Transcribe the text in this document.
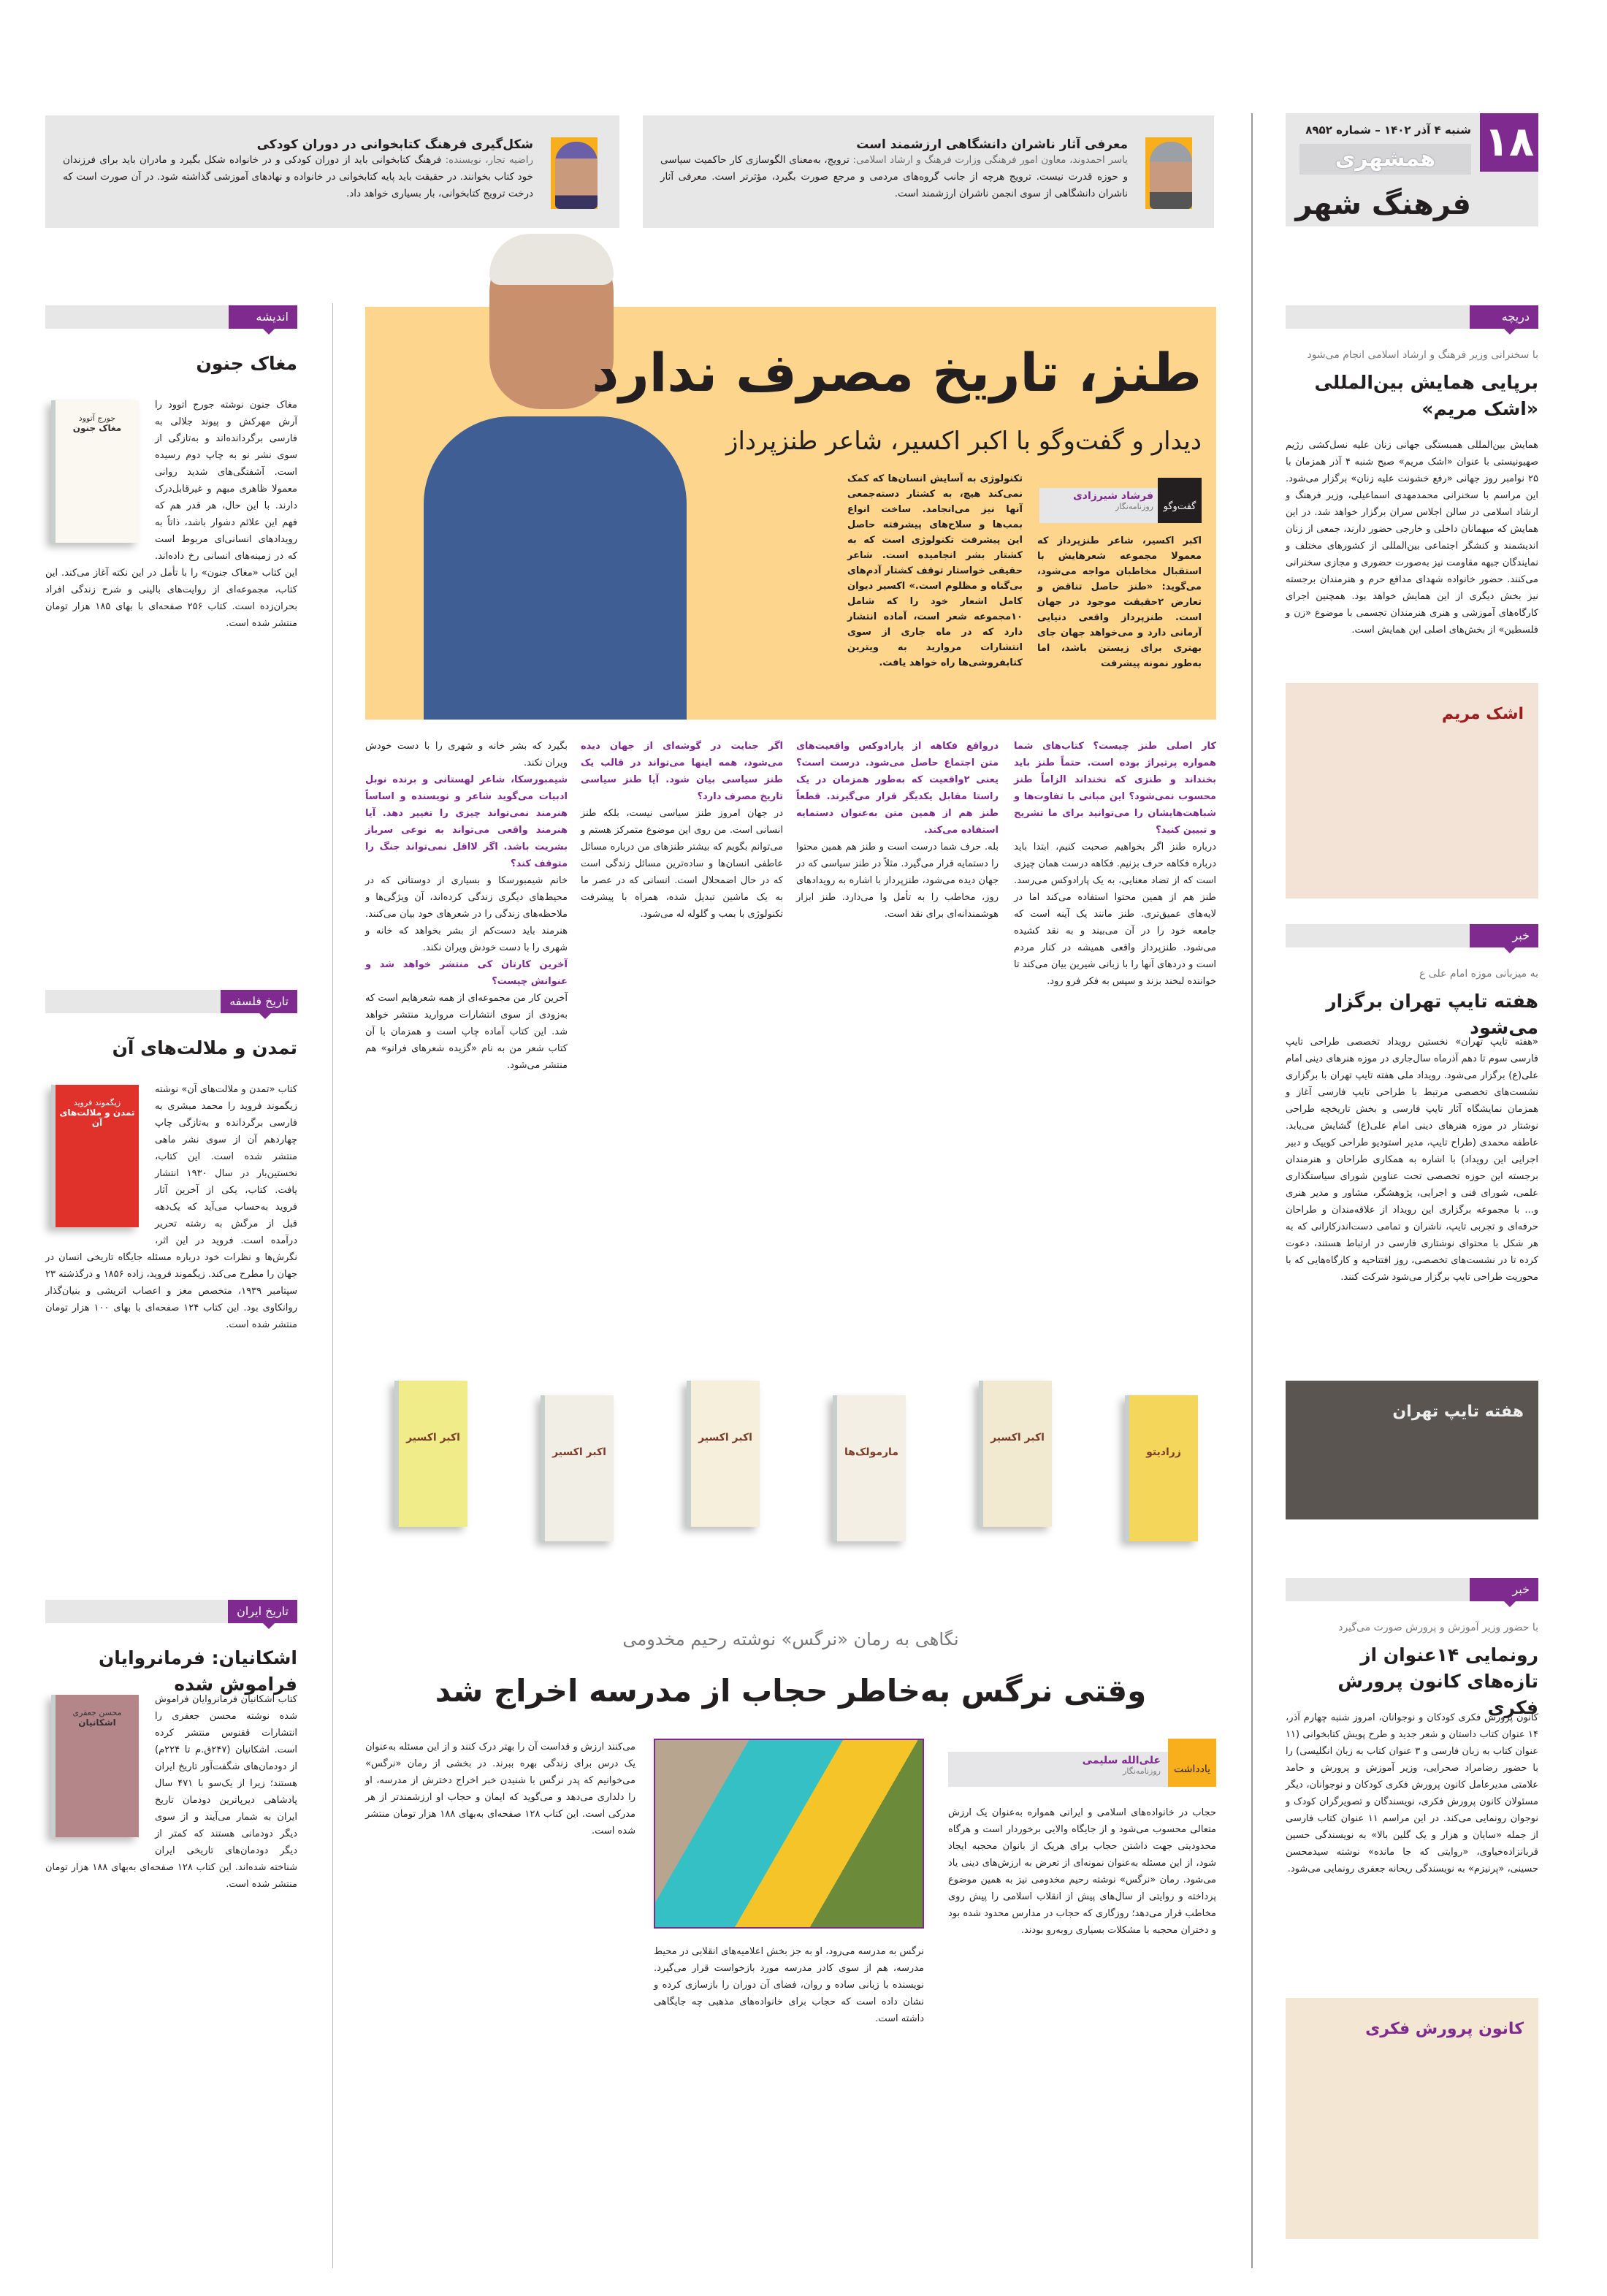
۱۸
شنبه ۴ آذر ۱۴۰۲ – شماره ۸۹۵۲
همشهری
فرهنگ شهر
معرفی آثار ناشران دانشگاهی ارزشمند است
یاسر احمدوند، معاون امور فرهنگی وزارت فرهنگ و ارشاد اسلامی: ترویج، به‌معنای الگوسازی کار حاکمیت سیاسی و حوزه قدرت نیست. ترویج هرچه از جانب گروه‌های مردمی و مرجع صورت بگیرد، مؤثرتر است. معرفی آثار ناشران دانشگاهی از سوی انجمن ناشران ارزشمند است.
شکل‌گیری فرهنگ کتابخوانی در دوران کودکی
راضیه تجار، نویسنده: فرهنگ کتابخوانی باید از دوران کودکی و در خانواده شکل بگیرد و مادران باید برای فرزندان خود کتاب بخوانند. در حقیقت باید پایه کتابخوانی در خانواده و نهادهای آموزشی گذاشته شود. در آن صورت است که درخت ترویج کتابخوانی، بار بسیاری خواهد داد.
طنز، تاریخ مصرف ندارد
دیدار و گفت‌وگو با اکبر اکسیر، شاعر طنزپرداز
گفت‌وگو
فرشاد شیرزادی
روزنامه‌نگار
اکبر اکسیر، شاعر طنزپرداز که معمولا مجموعه شعرهایش با استقبال مخاطبان مواجه می‌شود، می‌گوید: «طنز حاصل تناقض و تعارض ۲حقیقت موجود در جهان است. طنزپرداز واقعی دنیایی آرمانی دارد و می‌خواهد جهان جای بهتری برای زیستن باشد، اما به‌طور نمونه پیشرفت
تکنولوژی به آسایش انسان‌ها که کمک نمی‌کند هیچ، به کشتار دسته‌جمعی آنها نیز می‌انجامد. ساخت انواع بمب‌ها و سلاح‌های پیشرفته حاصل این پیشرفت تکنولوژی است که به کشتار بشر انجامیده است. شاعر حقیقی خواستار توقف کشتار آدم‌های بی‌گناه و مظلوم است.» اکسیر دیوان کامل اشعار خود را که شامل ۱۰مجموعه شعر است، آماده انتشار دارد که در ماه جاری از سوی انتشارات مروارید به ویترین کتابفروشی‌ها راه خواهد یافت.
کار اصلی طنز چیست؟ کتاب‌های شما همواره پرتیراژ بوده است. حتماً طنز باید بخنداند و طنزی که نخنداند الزاماً طنز محسوب نمی‌شود؟ این مبانی با تفاوت‌ها و شباهت‌هایشان را می‌توانید برای ما تشریح و تبیین کنید؟
درباره طنز اگر بخواهیم صحبت کنیم، ابتدا باید درباره فکاهه حرف بزنیم. فکاهه درست همان چیزی است که از تضاد معنایی، به یک پارادوکس می‌رسد. طنز هم از همین محتوا استفاده می‌کند اما در لایه‌های عمیق‌تری. طنز مانند یک آینه است که جامعه خود را در آن می‌بیند و به نقد کشیده می‌شود. طنزپرداز واقعی همیشه در کنار مردم است و دردهای آنها را با زبانی شیرین بیان می‌کند تا خواننده لبخند بزند و سپس به فکر فرو رود.
درواقع فکاهه از پارادوکس واقعیت‌های متن اجتماع حاصل می‌شود. درست است؟ یعنی ۲واقعیت که به‌طور همزمان در یک راستا مقابل یکدیگر قرار می‌گیرند. قطعاً طنز هم از همین متن به‌عنوان دستمایه استفاده می‌کند.
بله. حرف شما درست است و طنز هم همین محتوا را دستمایه قرار می‌گیرد. مثلاً در طنز سیاسی که در جهان دیده می‌شود، طنزپرداز با اشاره به رویدادهای روز، مخاطب را به تأمل وا می‌دارد. طنز ابزار هوشمندانه‌ای برای نقد است.
اگر جنایت در گوشه‌ای از جهان دیده می‌شود، همه اینها می‌تواند در قالب یک طنز سیاسی بیان شود. آیا طنز سیاسی تاریخ مصرف دارد؟
در جهان امروز طنز سیاسی نیست، بلکه طنز انسانی است. من روی این موضوع متمرکز هستم و می‌توانم بگویم که بیشتر طنزهای من درباره مسائل عاطفی انسان‌ها و ساده‌ترین مسائل زندگی است که در حال اضمحلال است. انسانی که در عصر ما به یک ماشین تبدیل شده، همراه با پیشرفت تکنولوژی با بمب و گلوله له می‌شود.
بگیرد که بشر خانه و شهری را با دست خودش ویران نکند.
شیمبورسکا، شاعر لهستانی و برنده نوبل ادبیات می‌گوید شاعر و نویسنده و اساساً هنرمند نمی‌تواند چیزی را تغییر دهد. آیا هنرمند واقعی می‌تواند به نوعی سرباز بشریت باشد. اگر لااقل نمی‌تواند جنگ را متوقف کند؟
خانم شیمبورسکا و بسیاری از دوستانی که در محیط‌های دیگری زندگی کرده‌اند، آن ویژگی‌ها و ملاحظه‌های زندگی را در شعرهای خود بیان می‌کنند. هنرمند باید دست‌کم از بشر بخواهد که خانه و شهری را با دست خودش ویران نکند.
آخرین کارتان کی منتشر خواهد شد و عنوانش چیست؟
آخرین کار من مجموعه‌ای از همه شعرهایم است که به‌زودی از سوی انتشارات مروارید منتشر خواهد شد. این کتاب آماده چاپ است و همزمان با آن کتاب شعر من به نام «گزیده شعرهای فرانو» هم منتشر می‌شود.
زرادیتو
اکبر اکسیر
مارمولک‌ها
اکبر اکسیر
اکبر اکسیر
اکبر اکسیر
نگاهی به رمان «نرگس» نوشته رحیم مخدومی
وقتی نرگس به‌خاطر حجاب از مدرسه اخراج شد
یادداشت
علی‌الله سلیمی
روزنامه‌نگار
حجاب در خانواده‌های اسلامی و ایرانی همواره به‌عنوان یک ارزش متعالی محسوب می‌شود و از جایگاه والایی برخوردار است و هرگاه محدودیتی جهت داشتن حجاب برای هریک از بانوان محجبه ایجاد شود، از این مسئله به‌عنوان نمونه‌ای از تعرض به ارزش‌های دینی یاد می‌شود. رمان «نرگس» نوشته رحیم مخدومی نیز به همین موضوع پرداخته و روایتی از سال‌های پیش از انقلاب اسلامی را پیش روی مخاطب قرار می‌دهد؛ روزگاری که حجاب در مدارس محدود شده بود و دختران محجبه با مشکلات بسیاری روبه‌رو بودند.
نرگس به مدرسه می‌رود، او به جز بخش اعلامیه‌های انقلابی در محیط مدرسه، هم از سوی کادر مدرسه مورد بازخواست قرار می‌گیرد. نویسنده با زبانی ساده و روان، فضای آن دوران را بازسازی کرده و نشان داده است که حجاب برای خانواده‌های مذهبی چه جایگاهی داشته است.
می‌کنند ارزش و قداست آن را بهتر درک کنند و از این مسئله به‌عنوان یک درس برای زندگی بهره ببرند. در بخشی از رمان «نرگس» می‌خوانیم که پدر نرگس با شنیدن خبر اخراج دخترش از مدرسه، او را دلداری می‌دهد و می‌گوید که ایمان و حجاب او ارزشمندتر از هر مدرکی است. این کتاب ۱۲۸ صفحه‌ای به‌بهای ۱۸۸ هزار تومان منتشر شده است.
دریچه
با سخنرانی وزیر فرهنگ و ارشاد اسلامی انجام می‌شود
برپایی همایش بین‌المللی «اشک مریم»
همایش بین‌المللی همبستگی جهانی زنان علیه نسل‌کشی رژیم صهیونیستی با عنوان «اشک مریم» صبح شنبه ۴ آذر همزمان با ۲۵ نوامبر روز جهانی «رفع خشونت علیه زنان» برگزار می‌شود. این مراسم با سخنرانی محمدمهدی اسماعیلی، وزیر فرهنگ و ارشاد اسلامی در سالن اجلاس سران برگزار خواهد شد. در این همایش که میهمانان داخلی و خارجی حضور دارند، جمعی از زنان اندیشمند و کنشگر اجتماعی بین‌المللی از کشورهای مختلف و نمایندگان جبهه مقاومت نیز به‌صورت حضوری و مجازی سخنرانی می‌کنند. حضور خانواده شهدای مدافع حرم و هنرمندان برجسته نیز بخش دیگری از این همایش خواهد بود. همچنین اجرای کارگاه‌های آموزشی و هنری هنرمندان تجسمی با موضوع «زن و فلسطین» از بخش‌های اصلی این همایش است.
اشک مریم
خبر
به میزبانی موزه امام علی ع
هفته تایپ تهران برگزار می‌شود
«هفته تایپ تهران» نخستین رویداد تخصصی طراحی تایپ فارسی سوم تا دهم آذرماه سال‌جاری در موزه هنرهای دینی امام علی(ع) برگزار می‌شود. رویداد ملی هفته تایپ تهران با برگزاری نشست‌های تخصصی مرتبط با طراحی تایپ فارسی آغاز و همزمان نمایشگاه آثار تایپ فارسی و بخش تاریخچه طراحی نوشتار در موزه هنرهای دینی امام علی(ع) گشایش می‌یابد. عاطفه محمدی (طراح تایپ، مدیر استودیو طراحی کوییک و دبیر اجرایی این رویداد) با اشاره به همکاری طراحان و هنرمندان برجسته این حوزه تخصصی تحت عناوین شورای سیاستگذاری علمی، شورای فنی و اجرایی، پژوهشگر، مشاور و مدیر هنری و... با مجموعه برگزاری این رویداد از علاقه‌مندان و طراحان حرفه‌ای و تجربی تایپ، ناشران و تمامی دست‌اندرکارانی که به هر شکل با محتوای نوشتاری فارسی در ارتباط هستند، دعوت کرده تا در نشست‌های تخصصی، روز افتتاحیه و کارگاه‌هایی که با محوریت طراحی تایپ برگزار می‌شود شرکت کنند.
هفته تایپ تهران
خبر
با حضور وزیر آموزش و پرورش صورت می‌گیرد
رونمایی ۱۴عنوان از تازه‌های کانون پرورش فکری
کانون پرورش فکری کودکان و نوجوانان، امروز شنبه چهارم آذر، ۱۴ عنوان کتاب داستان و شعر جدید و طرح پویش کتابخوانی (۱۱ عنوان کتاب به زبان فارسی و ۳ عنوان کتاب به زبان انگلیسی) را با حضور رضامراد صحرایی، وزیر آموزش و پرورش و حامد علامتی مدیرعامل کانون پرورش فکری کودکان و نوجوانان، دیگر مسئولان کانون پرورش فکری، نویسندگان و تصویرگران کودک و نوجوان رونمایی می‌کند. در این مراسم ۱۱ عنوان کتاب فارسی از جمله «سایان و هزار و یک گلین بالا» به نویسندگی حسین قربانزاده‌خیاوی، «روایتی که جا مانده» نوشته سیدمحسن حسینی، «پرنیزم» به نویسندگی ریحانه جعفری رونمایی می‌شود.
کانون پرورش فکری
اندیشه
مغاک جنون
جورج آتوود
مغاک جنون
مغاک جنون نوشته جورج اتوود را آرش مهرکش و پیوند جلالی به فارسی برگردانده‌اند و به‌تازگی از سوی نشر نو به چاپ دوم رسیده است. آشفتگی‌های شدید روانی معمولا ظاهری مبهم و غیرقابل‌درک دارند. با این حال، هر قدر هم که فهم این علائم دشوار باشد، ذاتاً به رویدادهای انسانی‌ای مربوط است که در زمینه‌های انسانی رخ داده‌اند. این کتاب «مغاک جنون» را با تأمل در این نکته آغاز می‌کند. این کتاب، مجموعه‌ای از روایت‌های بالینی و شرح زندگی افراد بحران‌زده است. کتاب ۲۵۶ صفحه‌ای با بهای ۱۸۵ هزار تومان منتشر شده است.
تاریخ فلسفه
تمدن و ملالت‌های آن
زیگموند فروید
تمدن و ملالت‌های آن
کتاب «تمدن و ملالت‌های آن» نوشته زیگموند فروید را محمد مبشری به فارسی برگردانده و به‌تازگی چاپ چهاردهم آن از سوی نشر ماهی منتشر شده است. این کتاب، نخستین‌بار در سال ۱۹۳۰ انتشار یافت. کتاب، یکی از آخرین آثار فروید به‌حساب می‌آید که یک‌دهه قبل از مرگش به رشته تحریر درآمده است. فروید در این اثر، نگرش‌ها و نظرات خود درباره مسئله جایگاه تاریخی انسان در جهان را مطرح می‌کند. زیگموند فروید، زاده ۱۸۵۶ و درگذشته ۲۳ سپتامبر ۱۹۳۹، متخصص مغز و اعصاب اتریشی و بنیان‌گذار روانکاوی بود. این کتاب ۱۲۴ صفحه‌ای با بهای ۱۰۰ هزار تومان منتشر شده است.
تاریخ ایران
اشکانیان: فرمانروایان فراموش شده
محسن جعفری
اشکانیان
کتاب اشکانیان فرمانروایان فراموش شده نوشته محسن جعفری را انتشارات ققنوس منتشر کرده است. اشکانیان (۲۴۷ق.م تا ۲۲۴م) از دودمان‌های شگفت‌آور تاریخ ایران هستند؛ زیرا از یک‌سو با ۴۷۱ سال پادشاهی دیرپاترین دودمان تاریخ ایران به شمار می‌آیند و از سوی دیگر دودمانی هستند که کمتر از دیگر دودمان‌های تاریخی ایران شناخته شده‌اند. این کتاب ۱۲۸ صفحه‌ای به‌بهای ۱۸۸ هزار تومان منتشر شده است.
